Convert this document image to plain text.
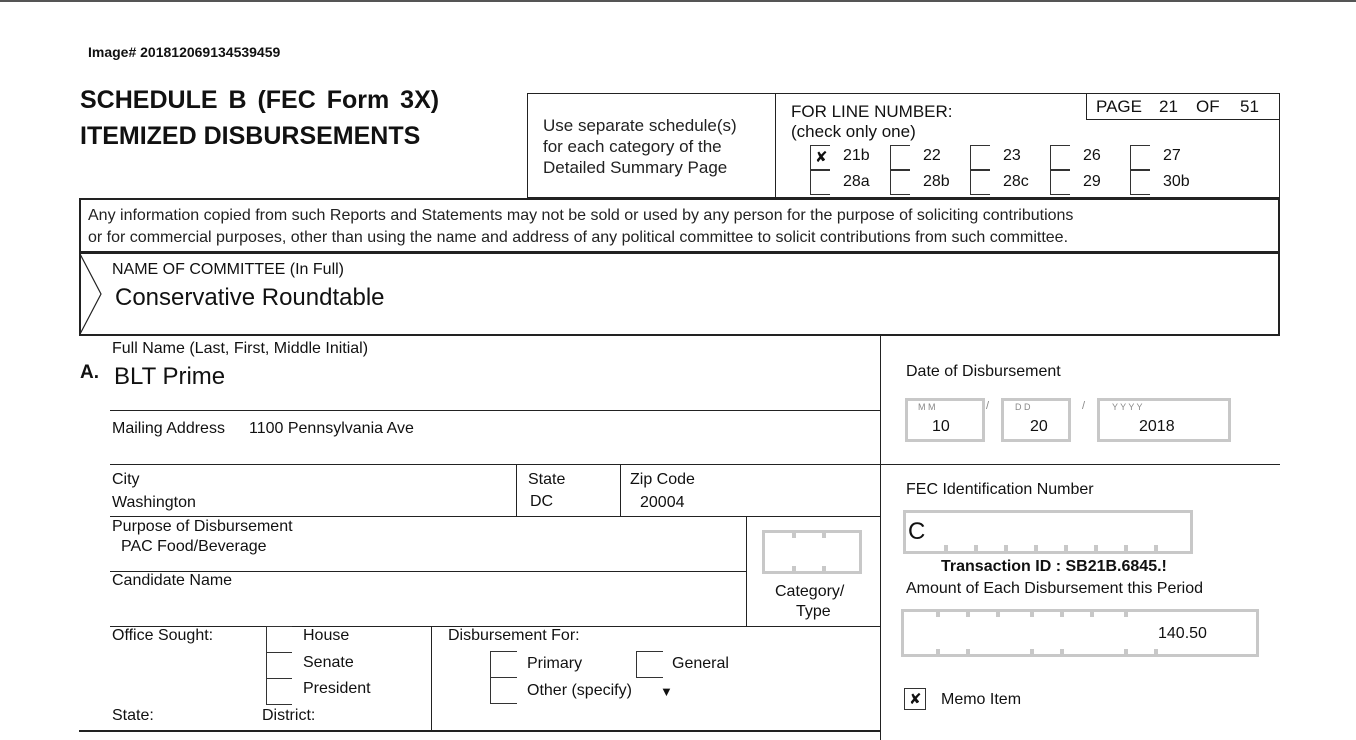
Image# 201812069134539459
SCHEDULE B (FEC Form 3X)
ITEMIZED DISBURSEMENTS	Use separate schedule(s)
for each category of the
Detailed Summary Page
FOR LINE NUMBER:
(check only one)
PAGE 21 OF 51
✘ 21b	22	23	26	27
28a	28b	28c	29	30b
Any information copied from such Reports and Statements may not be sold or used by any person for the purpose of soliciting contributions
or for commercial purposes, other than using the name and address of any political committee to solicit contributions from such committee.
NAME OF COMMITTEE (In Full)
Conservative Roundtable
Full Name (Last, First, Middle Initial)
A. BLT Prime
Mailing Address 1100 Pennsylvania Ave
City
Washington
State
DC
Zip Code
20004
Purpose of Disbursement
PAC Food/Beverage
Category/
Type
Candidate Name
Office Sought:	House
Senate
President
State:	District:
Disbursement For:
Primary
Other (specify) ▼
General
Date of Disbursement
M M
10
/	D D
20
/	Y Y Y Y
2018
FEC Identification Number
C
Transaction ID : SB21B.6845.!
Amount of Each Disbursement this Period
140.50
✘ Memo Item
